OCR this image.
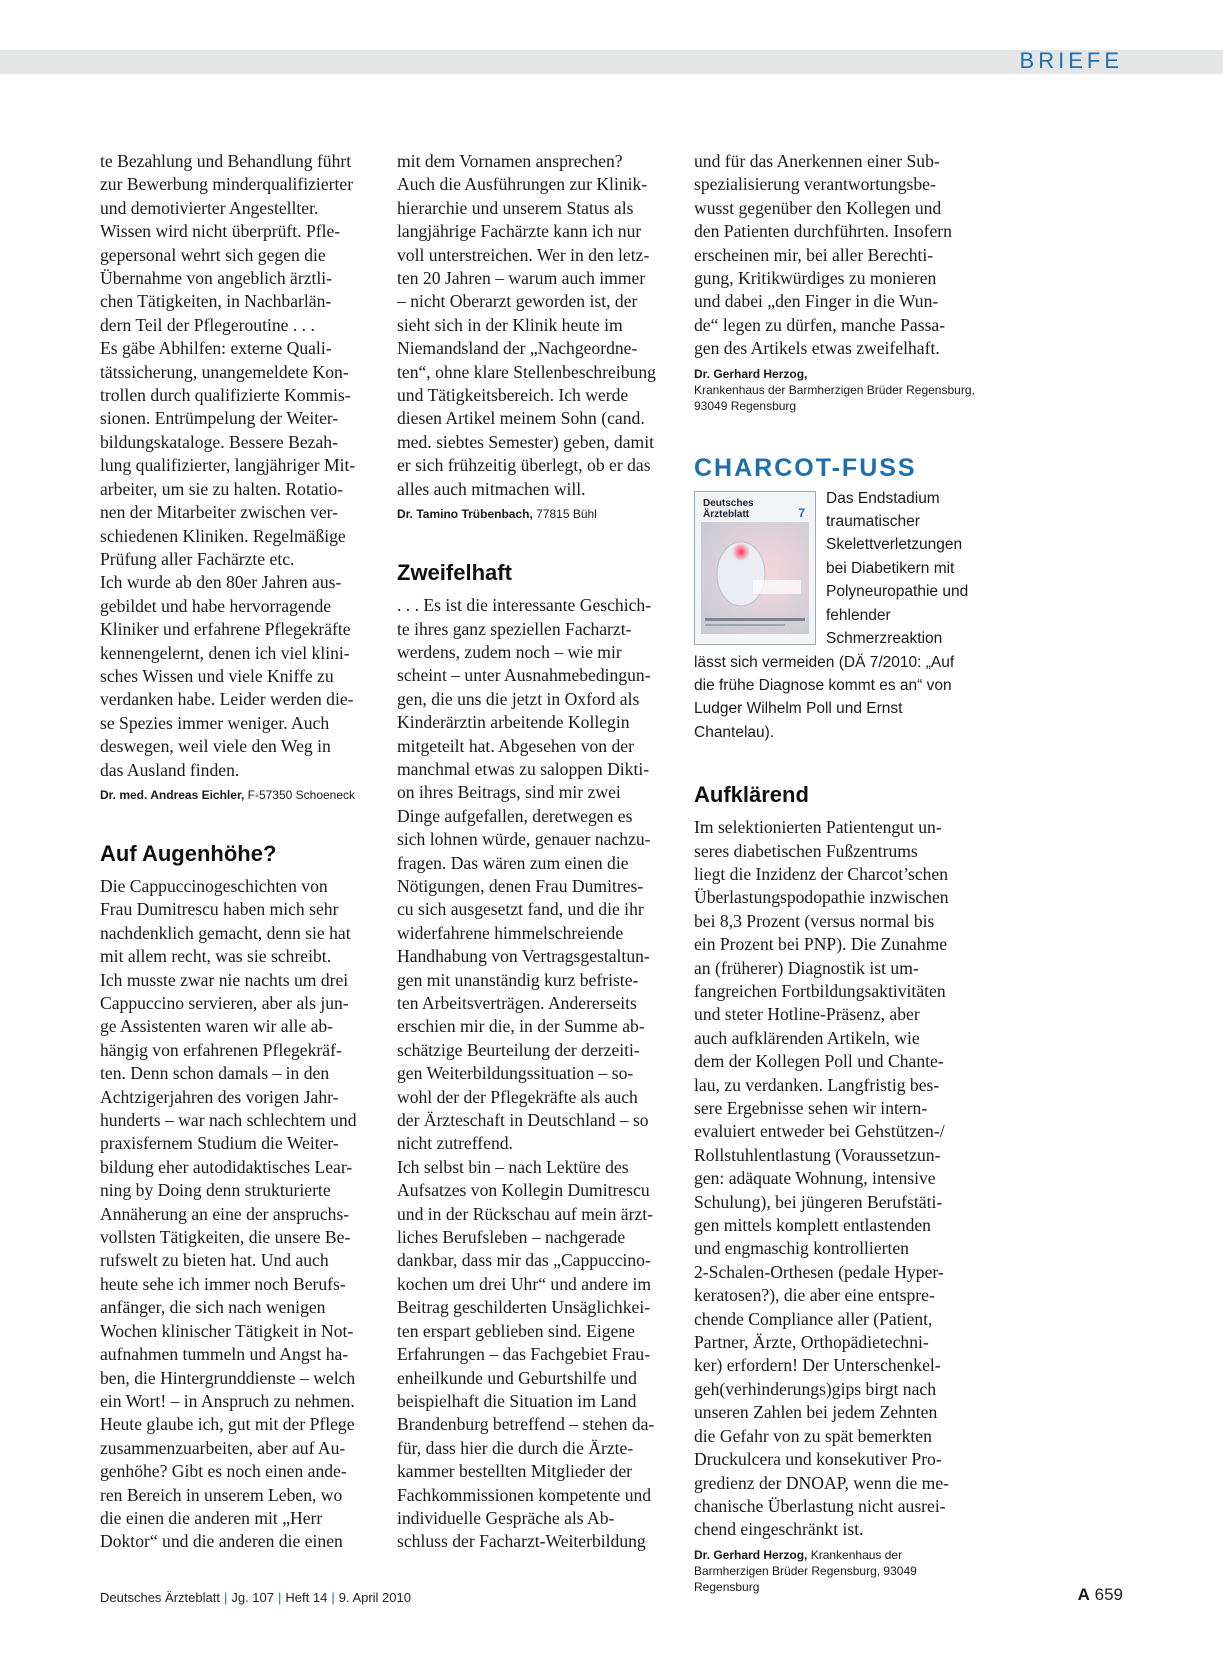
BRIEFE

te Bezahlung und Behandlung führt
zur Bewerbung minderqualifizierter
und demotivierter Angestellter.
Wissen wird nicht überprüft. Pfle-
gepersonal wehrt sich gegen die
Übernahme von angeblich ärztli-
chen Tätigkeiten, in Nachbarlän-
dern Teil der Pflegeroutine . . .
Es gäbe Abhilfen: externe Quali-
tätssicherung, unangemeldete Kon-
trollen durch qualifizierte Kommis-
sionen. Entrümpelung der Weiter-
bildungskataloge. Bessere Bezah-
lung qualifizierter, langjähriger Mit-
arbeiter, um sie zu halten. Rotatio-
nen der Mitarbeiter zwischen ver-
schiedenen Kliniken. Regelmäßige
Prüfung aller Fachärzte etc.
Ich wurde ab den 80er Jahren aus-
gebildet und habe hervorragende
Kliniker und erfahrene Pflegekräfte
kennengelernt, denen ich viel klini-
sches Wissen und viele Kniffe zu
verdanken habe. Leider werden die-
se Spezies immer weniger. Auch
deswegen, weil viele den Weg in
das Ausland finden.

Dr. med. Andreas Eichler, F-57350 Schoeneck

Auf Augenhöhe?

Die Cappuccinogeschichten von
Frau Dumitrescu haben mich sehr
nachdenklich gemacht, denn sie hat
mit allem recht, was sie schreibt.
Ich musste zwar nie nachts um drei
Cappuccino servieren, aber als jun-
ge Assistenten waren wir alle ab-
hängig von erfahrenen Pflegekräf-
ten. Denn schon damals – in den
Achtzigerjahren des vorigen Jahr-
hunderts – war nach schlechtem und
praxisfernem Studium die Weiter-
bildung eher autodidaktisches Lear-
ning by Doing denn strukturierte
Annäherung an eine der anspruchs-
vollsten Tätigkeiten, die unsere Be-
rufswelt zu bieten hat. Und auch
heute sehe ich immer noch Berufs-
anfänger, die sich nach wenigen
Wochen klinischer Tätigkeit in Not-
aufnahmen tummeln und Angst ha-
ben, die Hintergrunddienste – welch
ein Wort! – in Anspruch zu nehmen.
Heute glaube ich, gut mit der Pflege
zusammenzuarbeiten, aber auf Au-
genhöhe? Gibt es noch einen ande-
ren Bereich in unserem Leben, wo
die einen die anderen mit „Herr
Doktor“ und die anderen die einen

mit dem Vornamen ansprechen?
Auch die Ausführungen zur Klinik-
hierarchie und unserem Status als
langjährige Fachärzte kann ich nur
voll unterstreichen. Wer in den letz-
ten 20 Jahren – warum auch immer
– nicht Oberarzt geworden ist, der
sieht sich in der Klinik heute im
Niemandsland der „Nachgeordne-
ten“, ohne klare Stellenbeschreibung
und Tätigkeitsbereich. Ich werde
diesen Artikel meinem Sohn (cand.
med. siebtes Semester) geben, damit
er sich frühzeitig überlegt, ob er das
alles auch mitmachen will.

Dr. Tamino Trübenbach, 77815 Bühl

Zweifelhaft

. . . Es ist die interessante Geschich-
te ihres ganz speziellen Facharzt-
werdens, zudem noch – wie mir
scheint – unter Ausnahmebedingun-
gen, die uns die jetzt in Oxford als
Kinderärztin arbeitende Kollegin
mitgeteilt hat. Abgesehen von der
manchmal etwas zu saloppen Dikti-
on ihres Beitrags, sind mir zwei
Dinge aufgefallen, deretwegen es
sich lohnen würde, genauer nachzu-
fragen. Das wären zum einen die
Nötigungen, denen Frau Dumitres-
cu sich ausgesetzt fand, und die ihr
widerfahrene himmelschreiende
Handhabung von Vertragsgestaltun-
gen mit unanständig kurz befriste-
ten Arbeitsverträgen. Andererseits
erschien mir die, in der Summe ab-
schätzige Beurteilung der derzeiti-
gen Weiterbildungssituation – so-
wohl der der Pflegekräfte als auch
der Ärzteschaft in Deutschland – so
nicht zutreffend.
Ich selbst bin – nach Lektüre des
Aufsatzes von Kollegin Dumitrescu
und in der Rückschau auf mein ärzt-
liches Berufsleben – nachgerade
dankbar, dass mir das „Cappuccino-
kochen um drei Uhr“ und andere im
Beitrag geschilderten Unsäglichkei-
ten erspart geblieben sind. Eigene
Erfahrungen – das Fachgebiet Frau-
enheilkunde und Geburtshilfe und
beispielhaft die Situation im Land
Brandenburg betreffend – stehen da-
für, dass hier die durch die Ärzte-
kammer bestellten Mitglieder der
Fachkommissionen kompetente und
individuelle Gespräche als Ab-
schluss der Facharzt-Weiterbildung

und für das Anerkennen einer Sub-
spezialisierung verantwortungsbe-
wusst gegenüber den Kollegen und
den Patienten durchführten. Insofern
erscheinen mir, bei aller Berechti-
gung, Kritikwürdiges zu monieren
und dabei „den Finger in die Wun-
de“ legen zu dürfen, manche Passa-
gen des Artikels etwas zweifelhaft.

Dr. Gerhard Herzog,
Krankenhaus der Barmherzigen Brüder Regensburg, 93049 Regensburg

CHARCOT-FUSS
Deutsches Ärzteblatt	7
Das Endstadium traumatischer Skelettverletzungen bei Diabetikern mit Polyneuropathie und fehlender Schmerzreaktion lässt sich vermeiden (DÄ 7/2010: „Auf die frühe Diagnose kommt es an“ von Ludger Wilhelm Poll und Ernst Chantelau).
Aufklärend

Im selektionierten Patientengut un-
seres diabetischen Fußzentrums
liegt die Inzidenz der Charcot’schen
Überlastungspodopathie inzwischen
bei 8,3 Prozent (versus normal bis
ein Prozent bei PNP). Die Zunahme
an (früherer) Diagnostik ist um-
fangreichen Fortbildungsaktivitäten
und steter Hotline-Präsenz, aber
auch aufklärenden Artikeln, wie
dem der Kollegen Poll und Chante-
lau, zu verdanken. Langfristig bes-
sere Ergebnisse sehen wir intern-
evaluiert entweder bei Gehstützen-/
Rollstuhlentlastung (Voraussetzun-
gen: adäquate Wohnung, intensive
Schulung), bei jüngeren Berufstäti-
gen mittels komplett entlastenden
und engmaschig kontrollierten
2-Schalen-Orthesen (pedale Hyper-
keratosen?), die aber eine entspre-
chende Compliance aller (Patient,
Partner, Ärzte, Orthopädietechni-
ker) erfordern! Der Unterschenkel-
geh(verhinderungs)gips birgt nach
unseren Zahlen bei jedem Zehnten
die Gefahr von zu spät bemerkten
Druckulcera und konsekutiver Pro-
gredienz der DNOAP, wenn die me-
chanische Überlastung nicht ausrei-
chend eingeschränkt ist.

Dr. Gerhard Herzog, Krankenhaus der Barmherzigen Brüder Regensburg, 93049 Regensburg

Deutsches Ärzteblatt | Jg. 107 | Heft 14 | 9. April 2010	A 659
